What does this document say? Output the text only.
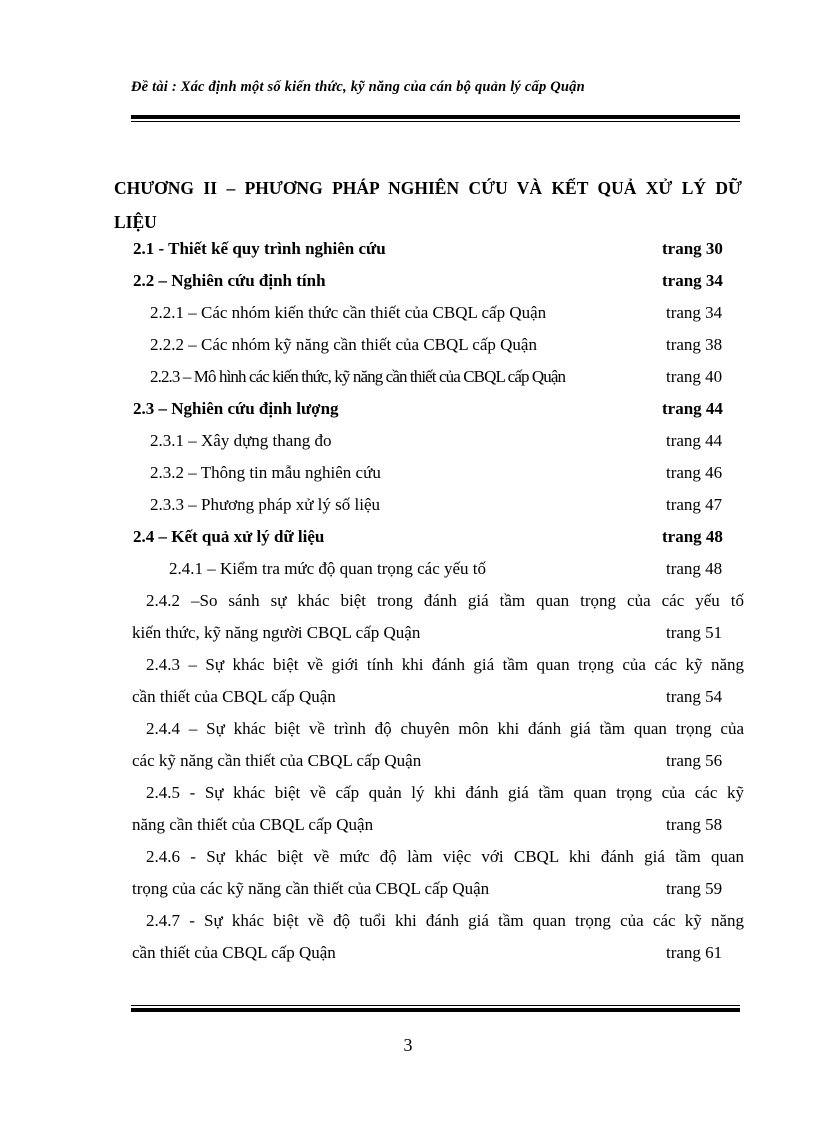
Đề tài : Xác định một số kiến thức, kỹ năng của cán bộ quản lý cấp Quận
CHƯƠNG II – PHƯƠNG PHÁP NGHIÊN CỨU VÀ KẾT QUẢ XỬ LÝ DỮ
LIỆU
2.1 - Thiết kế quy trình nghiên cứu	trang 30
2.2 – Nghiên cứu định tính	trang 34
2.2.1 – Các nhóm kiến thức cần thiết của CBQL cấp Quận	trang 34
2.2.2 – Các nhóm kỹ năng cần thiết của CBQL cấp Quận	trang 38
2.2.3 – Mô hình các kiến thức, kỹ năng cần thiết của CBQL cấp Quận	trang 40
2.3 – Nghiên cứu định lượng	trang 44
2.3.1 – Xây dựng thang đo	trang 44
2.3.2 – Thông tin mẫu nghiên cứu	trang 46
2.3.3 – Phương pháp xử lý số liệu	trang 47
2.4 – Kết quả xử lý dữ liệu	trang 48
2.4.1 – Kiểm tra mức độ quan trọng các yếu tố	trang 48
2.4.2 –So sánh sự khác biệt trong đánh giá tầm quan trọng của các yếu tố
kiến thức, kỹ năng người CBQL cấp Quận	trang 51
2.4.3 – Sự khác biệt về giới tính khi đánh giá tầm quan trọng của các kỹ năng
cần thiết của CBQL cấp Quận	trang 54
2.4.4 – Sự khác biệt về trình độ chuyên môn khi đánh giá tầm quan trọng của
các kỹ năng cần thiết của CBQL cấp Quận	trang 56
2.4.5 - Sự khác biệt về cấp quản lý khi đánh giá tầm quan trọng của các kỹ
năng cần thiết của CBQL cấp Quận	trang 58
2.4.6 - Sự khác biệt về mức độ làm việc với CBQL khi đánh giá tầm quan
trọng của các kỹ năng cần thiết của CBQL cấp Quận	trang 59
2.4.7 - Sự khác biệt về độ tuổi khi đánh giá tầm quan trọng của các kỹ năng
cần thiết của CBQL cấp Quận	trang 61
3
